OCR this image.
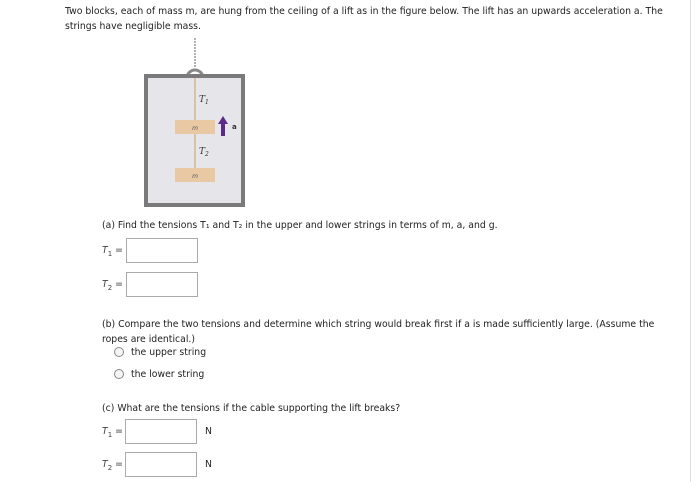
Two blocks, each of mass m, are hung from the ceiling of a lift as in the figure below. The lift has an upwards acceleration a. The
strings have negligible mass.
m
m
$T_1$
$T_2$
a
(a) Find the tensions T₁ and T₂ in the upper and lower strings in terms of m, a, and g.
$T_1$ =
$T_2$ =
(b) Compare the two tensions and determine which string would break first if a is made sufficiently large. (Assume the
ropes are identical.)
the upper string
the lower string
(c) What are the tensions if the cable supporting the lift breaks?
$T_1$ =	N
$T_2$ =	N
